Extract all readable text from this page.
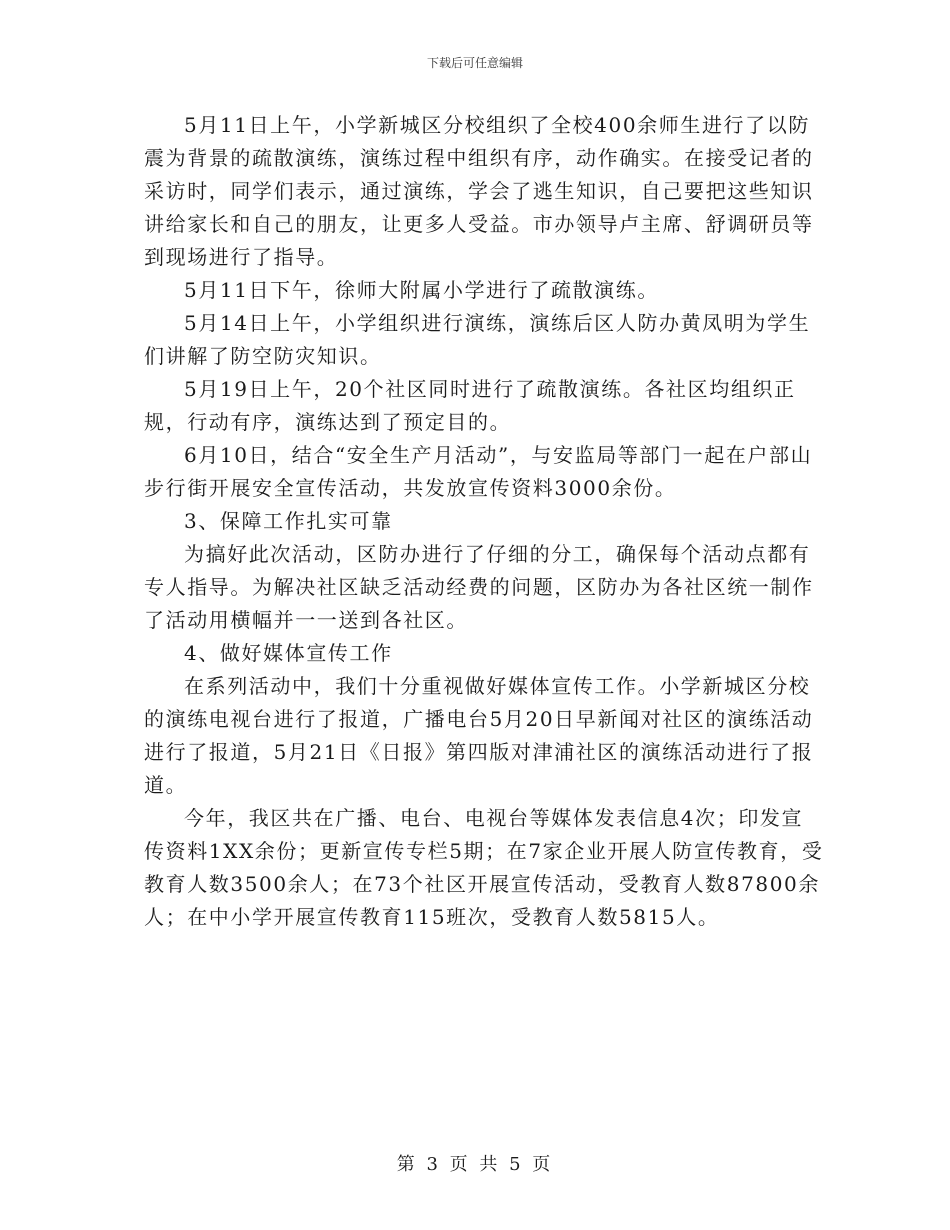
下载后可任意编辑

5月11日上午，小学新城区分校组织了全校400余师生进行了以防震为背景的疏散演练，演练过程中组织有序，动作确实。在接受记者的采访时，同学们表示，通过演练，学会了逃生知识，自己要把这些知识讲给家长和自己的朋友，让更多人受益。市办领导卢主席、舒调研员等到现场进行了指导。

5月11日下午，徐师大附属小学进行了疏散演练。

5月14日上午，小学组织进行演练，演练后区人防办黄凤明为学生们讲解了防空防灾知识。

5月19日上午，20个社区同时进行了疏散演练。各社区均组织正规，行动有序，演练达到了预定目的。

6月10日，结合“安全生产月活动”，与安监局等部门一起在户部山步行街开展安全宣传活动，共发放宣传资料3000余份。

3、保障工作扎实可靠

为搞好此次活动，区防办进行了仔细的分工，确保每个活动点都有专人指导。为解决社区缺乏活动经费的问题，区防办为各社区统一制作了活动用横幅并一一送到各社区。

4、做好媒体宣传工作

在系列活动中，我们十分重视做好媒体宣传工作。小学新城区分校的演练电视台进行了报道，广播电台5月20日早新闻对社区的演练活动进行了报道，5月21日《日报》第四版对津浦社区的演练活动进行了报道。

今年，我区共在广播、电台、电视台等媒体发表信息4次；印发宣传资料1XX余份；更新宣传专栏5期；在7家企业开展人防宣传教育，受教育人数3500余人；在73个社区开展宣传活动，受教育人数87800余人；在中小学开展宣传教育115班次，受教育人数5815人。

第 3 页 共 5 页
